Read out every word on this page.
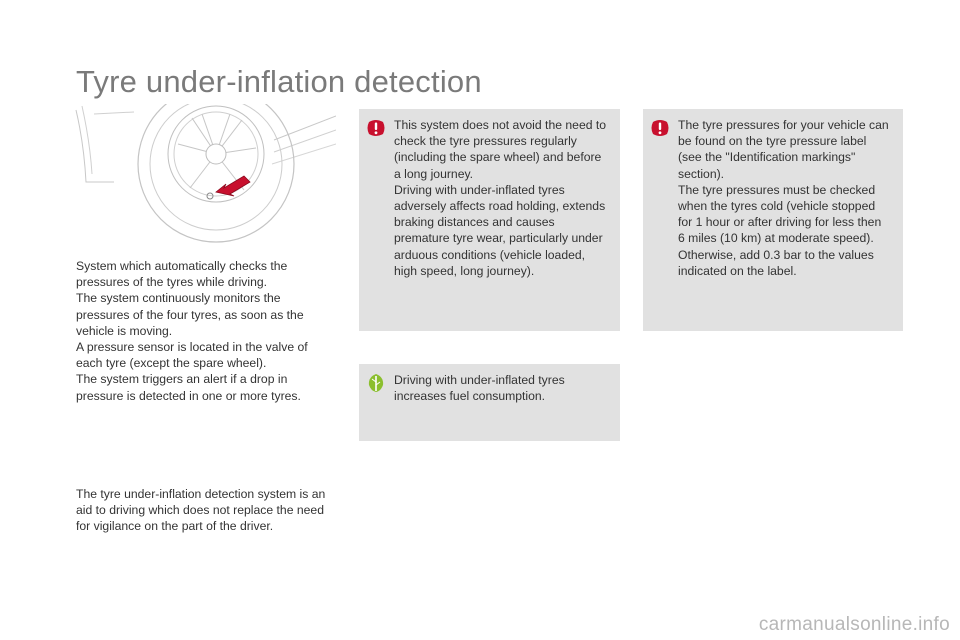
Tyre under-inflation detection

System which automatically checks the pressures of the tyres while driving.

The system continuously monitors the pressures of the four tyres, as soon as the vehicle is moving.

A pressure sensor is located in the valve of each tyre (except the spare wheel).

The system triggers an alert if a drop in pressure is detected in one or more tyres.

The tyre under-inflation detection system is an aid to driving which does not replace the need for vigilance on the part of the driver.

This system does not avoid the need to check the tyre pressures regularly (including the spare wheel) and before a long journey.

Driving with under-inflated tyres adversely affects road holding, extends braking distances and causes premature tyre wear, particularly under arduous conditions (vehicle loaded, high speed, long journey).

The tyre pressures for your vehicle can be found on the tyre pressure label (see the "Identification markings" section).

The tyre pressures must be checked when the tyres cold (vehicle stopped for 1 hour or after driving for less then 6 miles (10 km) at moderate speed).

Otherwise, add 0.3 bar to the values indicated on the label.

Driving with under-inflated tyres increases fuel consumption.

carmanualsonline.info
